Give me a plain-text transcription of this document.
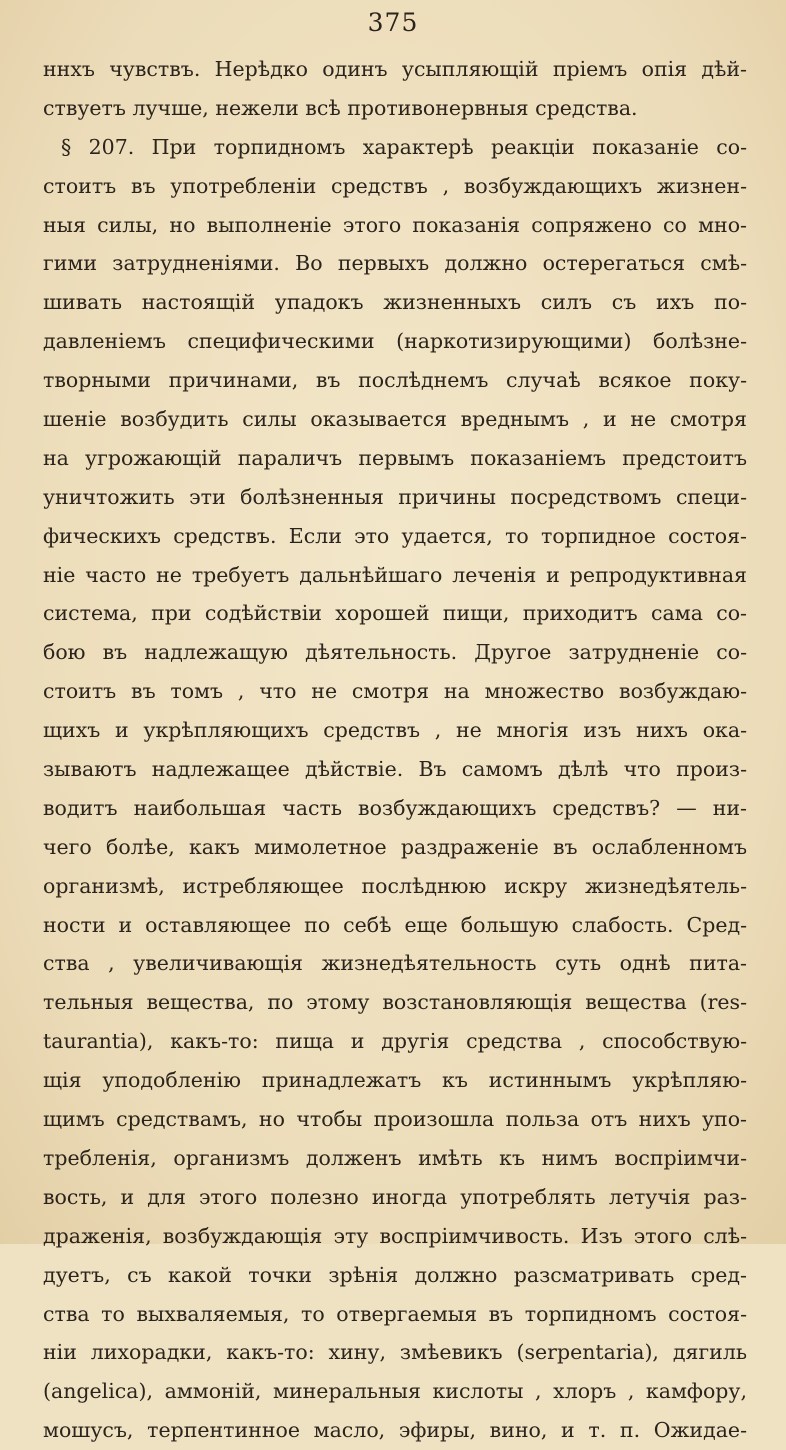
375
ннхъ чувствъ. Нерѣдко одинъ усыпляющій пріемъ опія дѣй-
ствуетъ лучше, нежели всѣ противонервныя средства.
§ 207. При торпидномъ характерѣ реакціи показаніе со-
стоитъ въ употребленіи средствъ , возбуждающихъ жизнен-
ныя силы, но выполненіе этого показанія сопряжено со мно-
гими затрудненіями. Во первыхъ должно остерегаться смѣ-
шивать настоящій упадокъ жизненныхъ силъ съ ихъ по-
давленіемъ специфическими (наркотизирующими) болѣзне-
творными причинами, въ послѣднемъ случаѣ всякое поку-
шеніе возбудить силы оказывается вреднымъ , и не смотря
на угрожающій параличъ первымъ показаніемъ предстоитъ
уничтожить эти болѣзненныя причины посредствомъ специ-
фическихъ средствъ. Если это удается, то торпидное состоя-
ніе часто не требуетъ дальнѣйшаго леченія и репродуктивная
система, при содѣйствіи хорошей пищи, приходитъ сама со-
бою въ надлежащую дѣятельность. Другое затрудненіе со-
стоитъ въ томъ , что не смотря на множество возбуждаю-
щихъ и укрѣпляющихъ средствъ , не многія изъ нихъ ока-
зываютъ надлежащее дѣйствіе. Въ самомъ дѣлѣ что произ-
водитъ наибольшая часть возбуждающихъ средствъ? — ни-
чего болѣе, какъ мимолетное раздраженіе въ ослабленномъ
организмѣ, истребляющее послѣднюю искру жизнедѣятель-
ности и оставляющее по себѣ еще большую слабость. Сред-
ства , увеличивающія жизнедѣятельность суть однѣ пита-
тельныя вещества, по этому возстановляющія вещества (res-
taurantia), какъ-то: пища и другія средства , способствую-
щія уподобленію принадлежатъ къ истиннымъ укрѣпляю-
щимъ средствамъ, но чтобы произошла польза отъ нихъ упо-
требленія, организмъ долженъ имѣть къ нимъ воспріимчи-
вость, и для этого полезно иногда употреблять летучія раз-
драженія, возбуждающія эту воспріимчивость. Изъ этого слѣ-
дуетъ, съ какой точки зрѣнія должно разсматривать сред-
ства то выхваляемыя, то отвергаемыя въ торпидномъ состоя-
ніи лихорадки, какъ-то: хину, змѣевикъ (serpentaria), дягиль
(angelica), аммоній, минеральныя кислоты , хлоръ , камфору,
мошусъ, терпентинное масло, эфиры, вино, и т. п. Ожидае-
